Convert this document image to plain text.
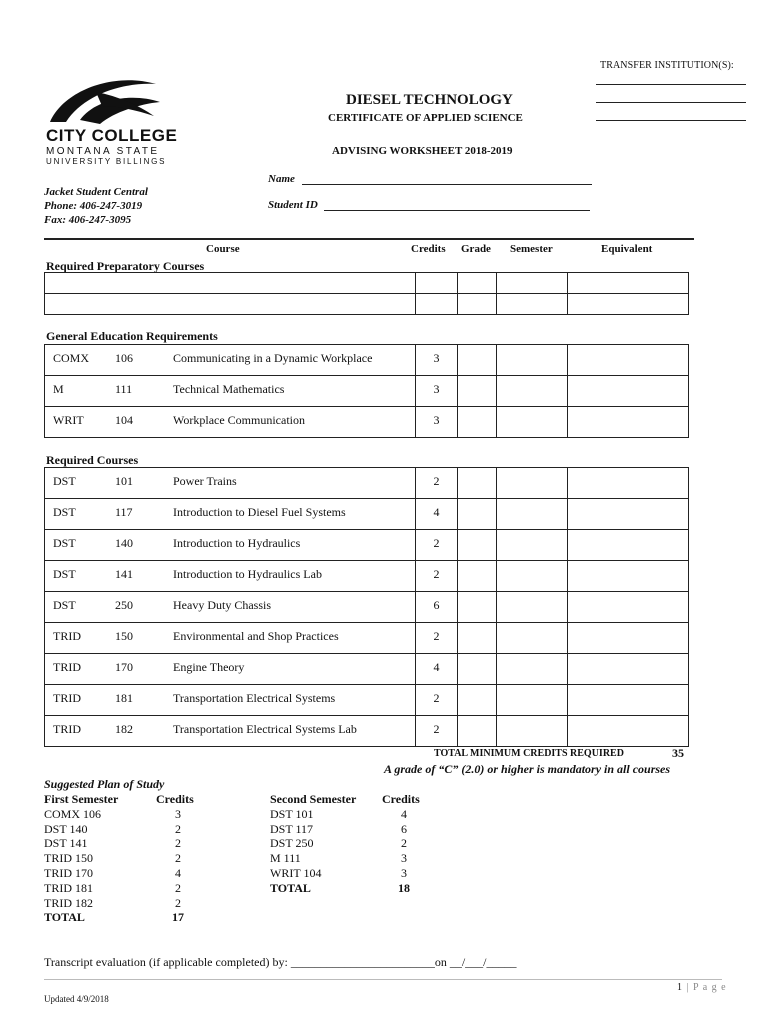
TRANSFER INSTITUTION(S):
CITY COLLEGE
MONTANA STATE
UNIVERSITY BILLINGS
DIESEL TECHNOLOGY
CERTIFICATE OF APPLIED SCIENCE
ADVISING WORKSHEET 2018-2019
Name
Student ID
Jacket Student Central
Phone: 406-247-3019
Fax: 406-247-3095
Course	Credits Grade Semester	Equivalent
Required Preparatory Courses

General Education Requirements
COMX 106 Communicating in a Dynamic Workplace	3			

M 111 Technical Mathematics	3			

WRIT 104 Workplace Communication	3			
Required Courses
DST 101 Power Trains	2			

DST 117 Introduction to Diesel Fuel Systems	4			

DST 140 Introduction to Hydraulics	2			

DST 141 Introduction to Hydraulics Lab	2			

DST 250 Heavy Duty Chassis	6			

TRID 150 Environmental and Shop Practices	2			

TRID 170 Engine Theory	4			

TRID 181 Transportation Electrical Systems	2			

TRID 182 Transportation Electrical Systems Lab	2			
TOTAL MINIMUM CREDITS REQUIRED	35
A grade of “C” (2.0) or higher is mandatory in all courses
Suggested Plan of Study
First Semester	Credits
COMX 106	3
DST 140	2
DST 141	2
TRID 150	2
TRID 170	4
TRID 181	2
TRID 182	2
TOTAL	17
Second Semester	Credits
DST 101	4
DST 117	6
DST 250	2
M 111	3
WRIT 104	3
TOTAL	18
Transcript evaluation (if applicable completed) by: ________________________on __/___/_____
1 | P a g e
Updated 4/9/2018
